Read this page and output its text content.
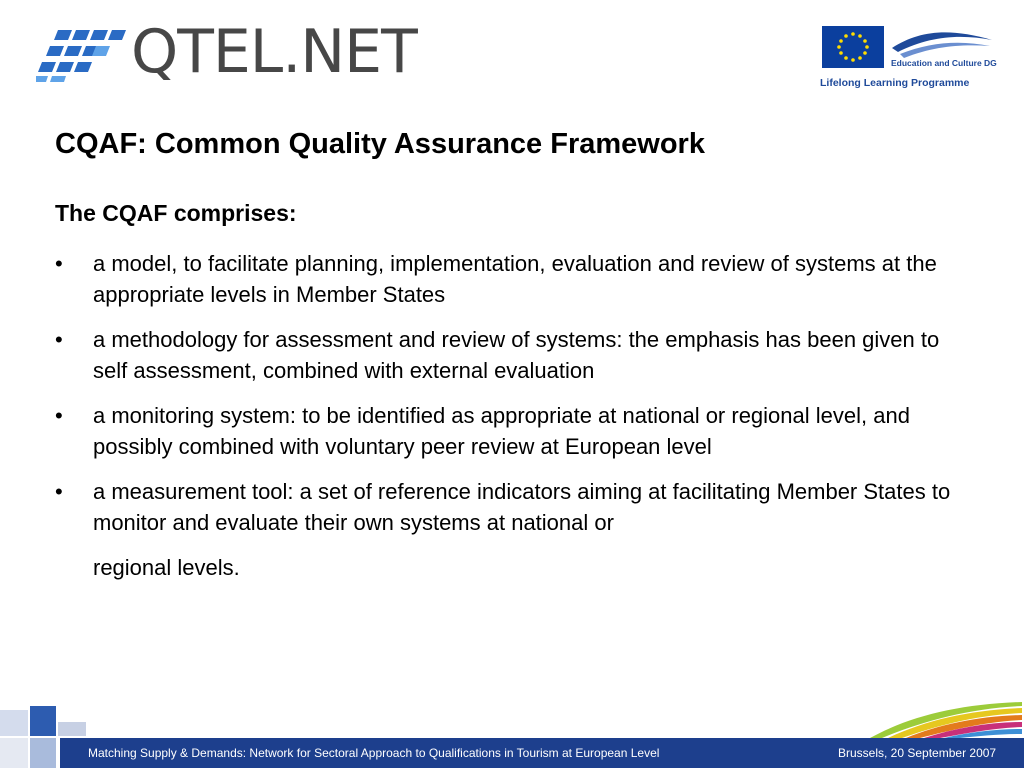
QTEL.NET	Education and Culture DG
Lifelong Learning Programme
CQAF: Common Quality Assurance Framework
The CQAF comprises:
• a model, to facilitate planning, implementation, evaluation and review of systems at the appropriate levels in Member States
• a methodology for assessment and review of systems: the emphasis has been given to self assessment, combined with external evaluation
• a monitoring system: to be identified as appropriate at national or regional level, and possibly combined with voluntary peer review at European level
• a measurement tool: a set of reference indicators aiming at facilitating Member States to monitor and evaluate their own systems at national or
regional levels.
Matching Supply & Demands: Network for Sectoral Approach to Qualifications in Tourism at European Level	Brussels, 20 September 2007
